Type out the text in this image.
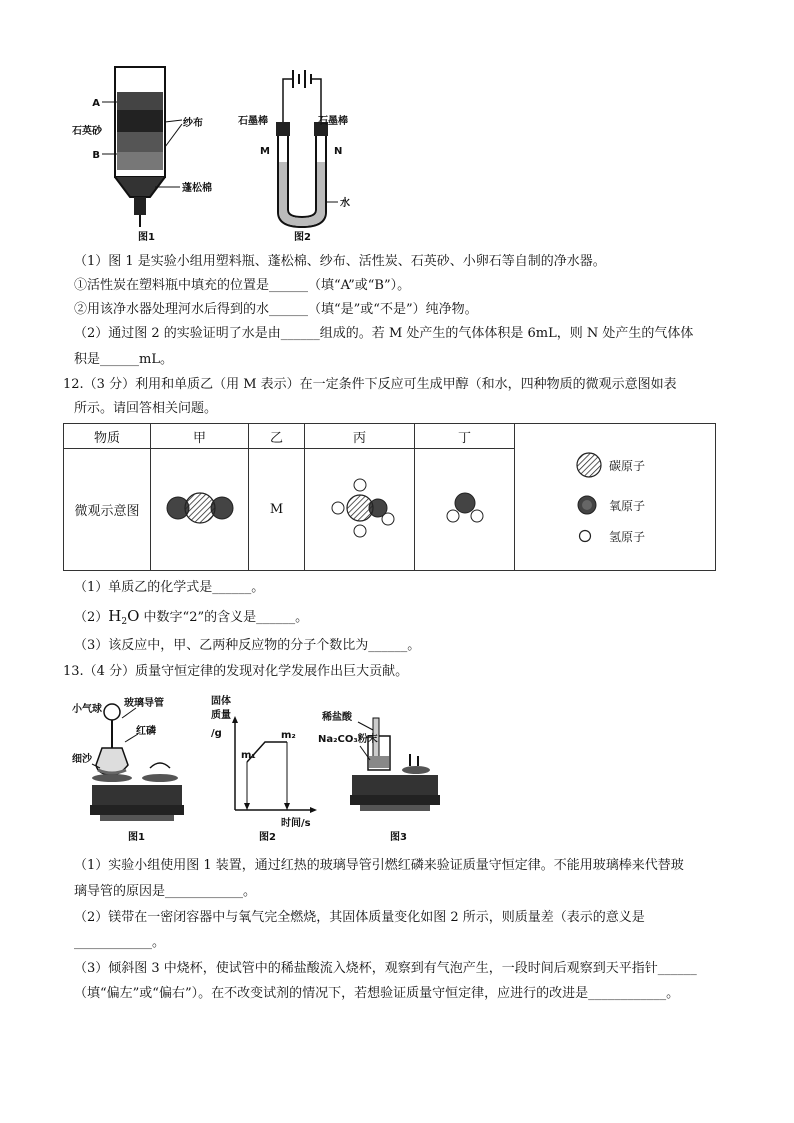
A
石英砂
B
纱布
蓬松棉
图1
石墨棒	石墨棒
M	N
水
图2
（1）图 1 是实验小组用塑料瓶、蓬松棉、纱布、活性炭、石英砂、小卵石等自制的净水器。
①活性炭在塑料瓶中填充的位置是______（填“A”或“B”）。
②用该净水器处理河水后得到的水______（填“是”或“不是”）纯净物。
（2）通过图 2 的实验证明了水是由______组成的。若 M 处产生的气体体积是 6mL，则 N 处产生的气体体
积是______mL。
12.（3 分）利用和单质乙（用 M 表示）在一定条件下反应可生成甲醇（和水，四种物质的微观示意图如表
所示。请回答相关问题。
物质	甲	乙	丙	丁	碳原子
氧原子
氢原子

微观示意图		M		
（1）单质乙的化学式是______。
$(2)H_2O$ 中数字“2”的含义是______。
（3）该反应中，甲、乙两种反应物的分子个数比为______。
13.（4 分）质量守恒定律的发现对化学发展作出巨大贡献。
小气球
玻璃导管
红磷
细沙
图1
固体
质量
/g
m₁
m₂
时间/s
图2
稀盐酸
Na₂CO₃粉末
图3
（1）实验小组使用图 1 装置，通过红热的玻璃导管引燃红磷来验证质量守恒定律。不能用玻璃棒来代替玻
璃导管的原因是____________。
（2）镁带在一密闭容器中与氧气完全燃烧，其固体质量变化如图 2 所示，则质量差（表示的意义是
____________。
（3）倾斜图 3 中烧杯，使试管中的稀盐酸流入烧杯，观察到有气泡产生，一段时间后观察到天平指针______
（填“偏左”或“偏右”）。在不改变试剂的情况下，若想验证质量守恒定律，应进行的改进是____________。
